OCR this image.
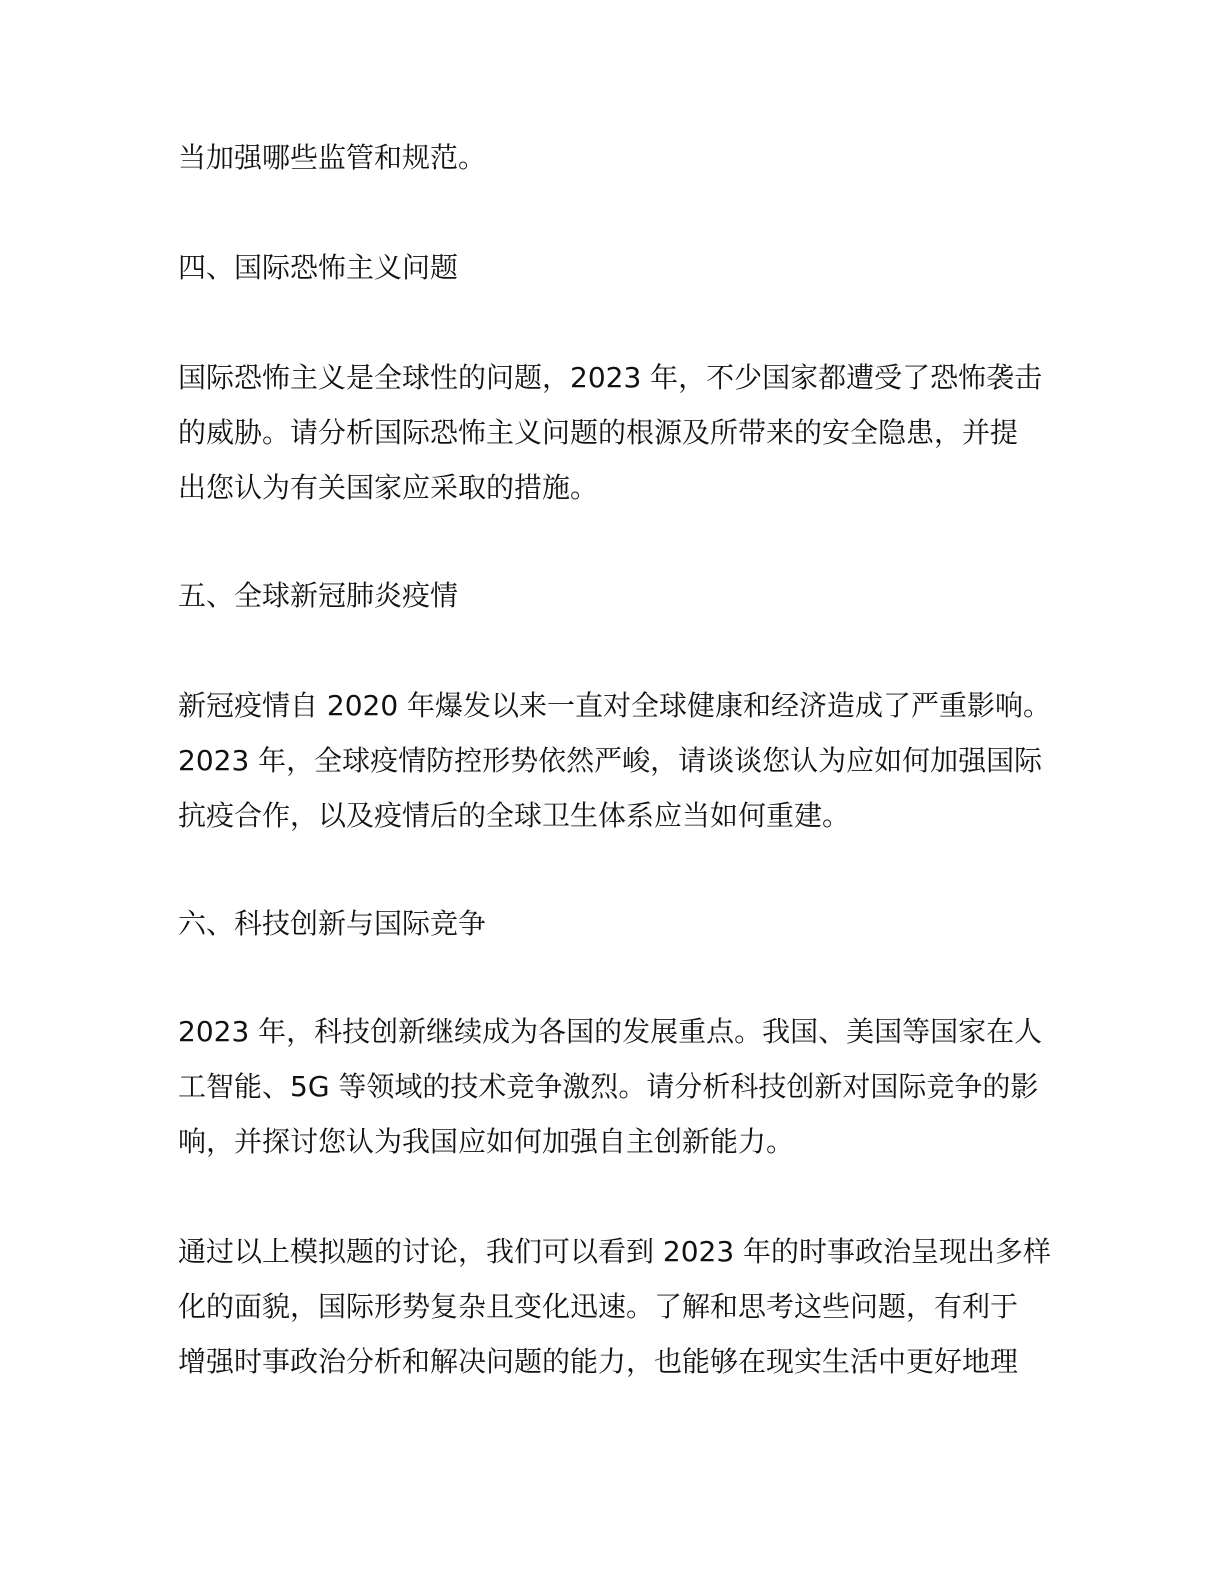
当加强哪些监管和规范。

四、国际恐怖主义问题

国际恐怖主义是全球性的问题，2023 年，不少国家都遭受了恐怖袭击
的威胁。请分析国际恐怖主义问题的根源及所带来的安全隐患，并提
出您认为有关国家应采取的措施。

五、全球新冠肺炎疫情

新冠疫情自 2020 年爆发以来一直对全球健康和经济造成了严重影响。
2023 年，全球疫情防控形势依然严峻，请谈谈您认为应如何加强国际
抗疫合作，以及疫情后的全球卫生体系应当如何重建。

六、科技创新与国际竞争

2023 年，科技创新继续成为各国的发展重点。我国、美国等国家在人
工智能、5G 等领域的技术竞争激烈。请分析科技创新对国际竞争的影
响，并探讨您认为我国应如何加强自主创新能力。

通过以上模拟题的讨论，我们可以看到 2023 年的时事政治呈现出多样
化的面貌，国际形势复杂且变化迅速。了解和思考这些问题，有利于
增强时事政治分析和解决问题的能力，也能够在现实生活中更好地理
